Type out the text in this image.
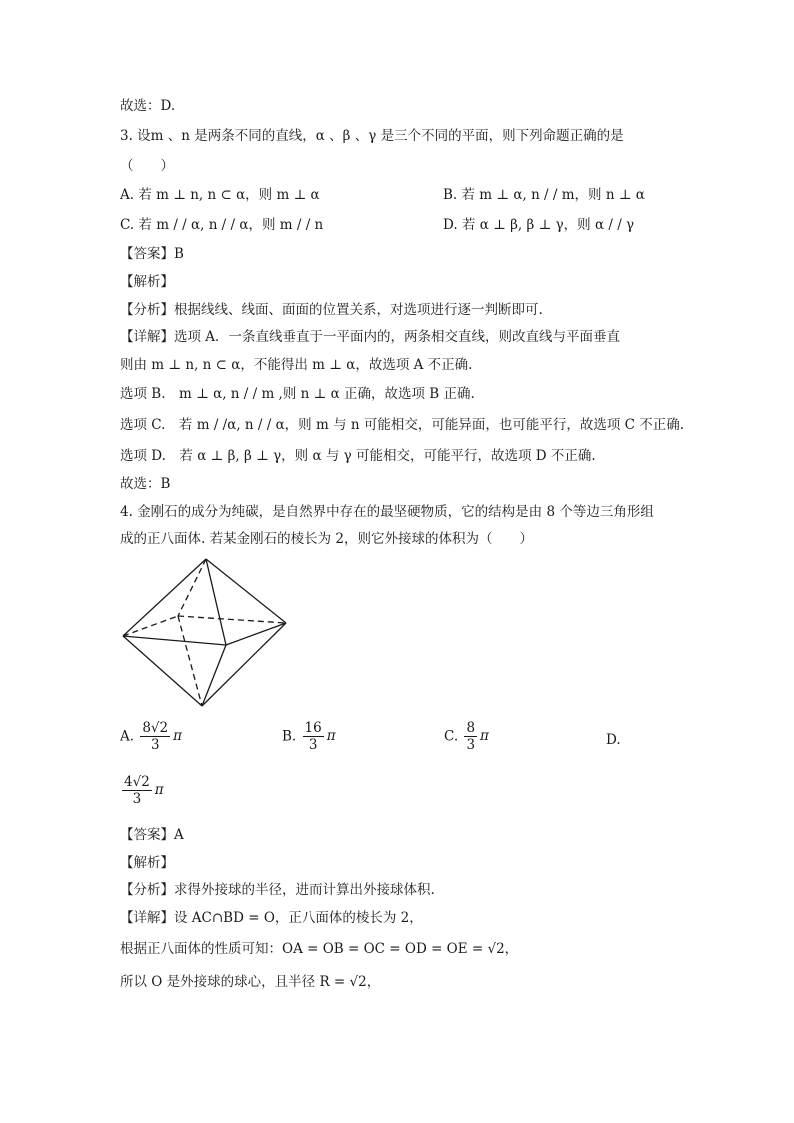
故选：D.
3. 设m 、n 是两条不同的直线，α 、β 、γ 是三个不同的平面，则下列命题正确的是
（　　）
A. 若 m ⊥ n, n ⊂ α，则 m ⊥ α	B. 若 m ⊥ α, n / / m，则 n ⊥ α
C. 若 m / / α, n / / α，则 m / / n	D. 若 α ⊥ β, β ⊥ γ，则 α / / γ
【答案】B
【解析】
【分析】根据线线、线面、面面的位置关系，对选项进行逐一判断即可.
【详解】选项 A．一条直线垂直于一平面内的，两条相交直线，则改直线与平面垂直
则由 m ⊥ n, n ⊂ α，不能得出 m ⊥ α，故选项 A 不正确.
选项 B.　m ⊥ α, n / / m ,则 n ⊥ α 正确，故选项 B 正确.
选项 C.　若 m / /α, n / / α，则 m 与 n 可能相交，可能异面，也可能平行，故选项 C 不正确.
选项 D.　若 α ⊥ β, β ⊥ γ，则 α 与 γ 可能相交，可能平行，故选项 D 不正确.
故选：B
4. 金刚石的成分为纯碳，是自然界中存在的最坚硬物质，它的结构是由 8 个等边三角形组
成的正八面体. 若某金刚石的棱长为 2，则它外接球的体积为（　　）
A. $\frac{8√2}{3}$ π	B. $\frac{16}{3}$ π	C. $\frac{8}{3}$ π	D.
$\frac{4√2}{3}$ π
【答案】A
【解析】
【分析】求得外接球的半径，进而计算出外接球体积.
【详解】设 AC∩BD = O，正八面体的棱长为 2，
根据正八面体的性质可知：OA = OB = OC = OD = OE = √2，
所以 O 是外接球的球心，且半径 R = √2，
